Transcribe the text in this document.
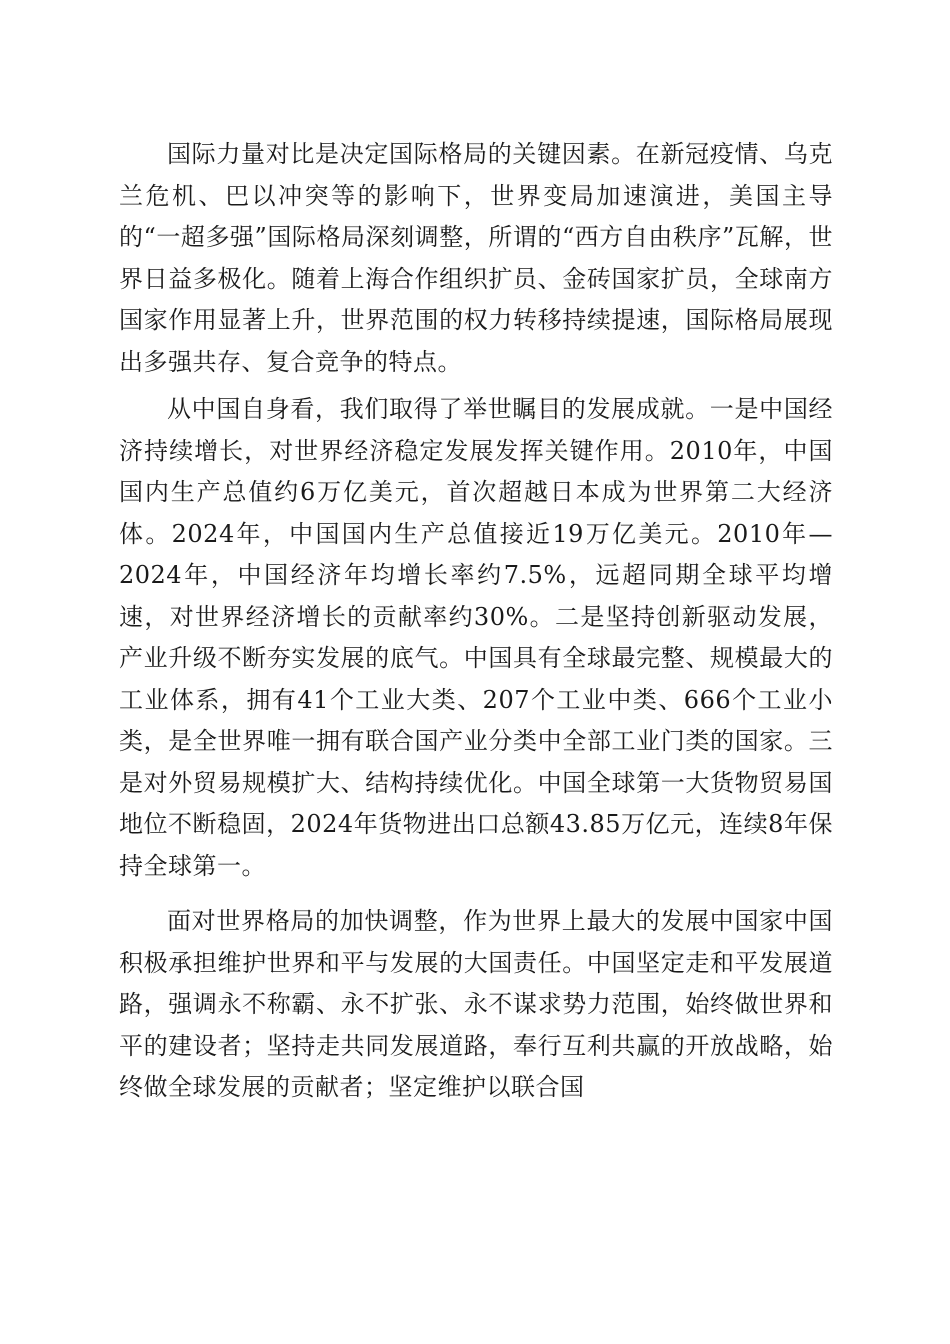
国际力量对比是决定国际格局的关键因素。在新冠疫情、乌克兰危机、巴以冲突等的影响下，世界变局加速演进，美国主导的“一超多强”国际格局深刻调整，所谓的“西方自由秩序”瓦解，世界日益多极化。随着上海合作组织扩员、金砖国家扩员，全球南方国家作用显著上升，世界范围的权力转移持续提速，国际格局展现出多强共存、复合竞争的特点。

从中国自身看，我们取得了举世瞩目的发展成就。一是中国经济持续增长，对世界经济稳定发展发挥关键作用。2010年，中国国内生产总值约6万亿美元，首次超越日本成为世界第二大经济体。2024年，中国国内生产总值接近19万亿美元。2010年—2024年，中国经济年均增长率约7.5%，远超同期全球平均增速，对世界经济增长的贡献率约30%。二是坚持创新驱动发展，产业升级不断夯实发展的底气。中国具有全球最完整、规模最大的工业体系，拥有41个工业大类、207个工业中类、666个工业小类，是全世界唯一拥有联合国产业分类中全部工业门类的国家。三是对外贸易规模扩大、结构持续优化。中国全球第一大货物贸易国地位不断稳固，2024年货物进出口总额43.85万亿元，连续8年保持全球第一。

面对世界格局的加快调整，作为世界上最大的发展中国家中国积极承担维护世界和平与发展的大国责任。中国坚定走和平发展道路，强调永不称霸、永不扩张、永不谋求势力范围，始终做世界和平的建设者；坚持走共同发展道路，奉行互利共赢的开放战略，始终做全球发展的贡献者；坚定维护以联合国
